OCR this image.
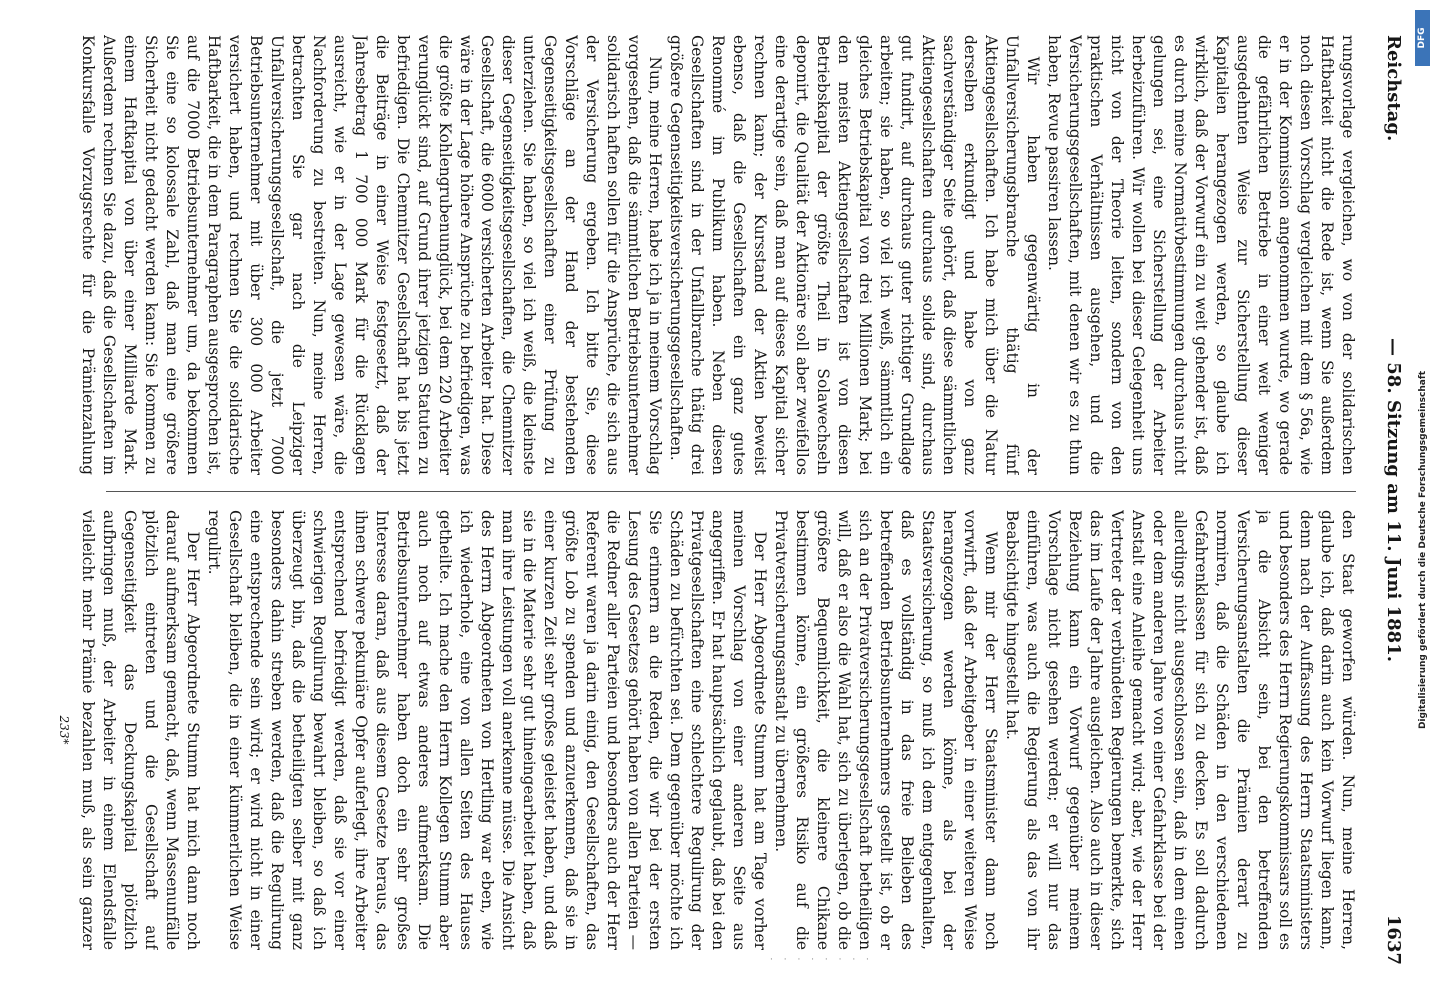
Reichstag.
— 58. Sitzung am 11. Juni 1881.
1637

rungsvorlage vergleichen, wo von der solidarischen Haftbarkeit nicht die Rede ist, wenn Sie außerdem noch diesen Vorschlag vergleichen mit dem § 56a, wie er in der Kommission angenommen wurde, wo gerade die gefährlichen Betriebe in einer weit weniger ausgedehnten Weise zur Sicherstellung dieser Kapitalien herangezogen werden, so glaube ich wirklich, daß der Vorwurf ein zu weit gehender ist, daß es durch meine Normativbestimmungen durchaus nicht gelungen sei, eine Sicherstellung der Arbeiter herbeizuführen. Wir wollen bei dieser Gelegenheit uns nicht von der Theorie leiten, sondern von den praktischen Verhältnissen ausgehen, und die Versicherungsgesellschaften, mit denen wir es zu thun haben, Revue passiren lassen.

Wir haben gegenwärtig in der Unfallversicherungsbranche thätig fünf Aktiengesellschaften. Ich habe mich über die Natur derselben erkundigt und habe von ganz sachverständiger Seite gehört, daß diese sämmtlichen Aktiengesellschaften durchaus solide sind, durchaus gut fundirt, auf durchaus guter richtiger Grundlage arbeiten; sie haben, so viel ich weiß, sämmtlich ein gleiches Betriebskapital von drei Millionen Mark; bei den meisten Aktiengesellschaften ist von diesen Betriebskapital der größte Theil in Solawechseln deponirt, die Qualität der Aktionäre soll aber zweifellos eine derartige sein, daß man auf dieses Kapital sicher rechnen kann; der Kursstand der Aktien beweist ebenso, daß die Gesellschaften ein ganz gutes Renommé im Publikum haben. Neben diesen Gesellschaften sind in der Unfallbranche thätig drei größere Gegenseitigkeitsversicherungsgesellschaften.

Nun, meine Herren, habe ich ja in meinem Vorschlag vorgesehen, daß die sämmtlichen Betriebsunternehmer solidarisch haften sollen für die Ansprüche, die sich aus der Versicherung ergeben. Ich bitte Sie, diese Vorschläge an der Hand der bestehenden Gegenseitigkeitsgesellschaften einer Prüfung zu unterziehen. Sie haben, so viel ich weiß, die kleinste dieser Gegenseitigkeitsgesellschaften, die Chemnitzer Gesellschaft, die 6000 versicherten Arbeiter hat. Diese wäre in der Lage höhere Ansprüche zu befriedigen, was die größte Kohlengrubenunglück, bei dem 220 Arbeiter verunglückt sind, auf Grund ihrer jetzigen Statuten zu befriedigen. Die Chemnitzer Gesellschaft hat bis jetzt die Beiträge in einer Weise festgesetzt, daß der Jahresbetrag 1 700 000 Mark für die Rücklagen ausreicht, wie er in der Lage gewesen wäre, die Nachforderung zu bestreiten. Nun, meine Herren, betrachten Sie gar nach die Leipziger Unfallversicherungsgesellschaft, die jetzt 7000 Betriebsunternehmer mit über 300 000 Arbeiter versichert haben, und rechnen Sie die solidarische Haftbarkeit, die in dem Paragraphen ausgesprochen ist, auf die 7000 Betriebsunternehmer um, da bekommen Sie eine so kolossale Zahl, daß man eine größere Sicherheit nicht gedacht werden kann: Sie kommen zu einem Haftkapital von über einer Milliarde Mark. Außerdem rechnen Sie dazu, daß die Gesellschaften im Konkursfalle Vorzugsrechte für die Prämienzahlung

den Staat geworfen würden. Nun, meine Herren, glaube ich, daß darin auch kein Vorwurf liegen kann, denn nach der Auffassung des Herrn Staatsministers und besonders des Herrn Regierungskommissars soll es ja die Absicht sein, bei den betreffenden Versicherungsanstalten die Prämien derart zu normiren, daß die Schäden in den verschiedenen Gefahrenklassen für sich zu decken. Es soll dadurch allerdings nicht ausgeschlossen sein, daß in dem einen oder dem anderen Jahre von einer Gefahrklasse bei der Anstalt eine Anleihe gemacht wird; aber, wie der Herr Vertreter der verbündeten Regierungen bemerkte, sich das im Laufe der Jahre ausgleichen. Also auch in dieser Beziehung kann ein Vorwurf gegenüber meinem Vorschlage nicht gesehen werden; er will nur das einführen, was auch die Regierung als das von ihr Beabsichtigte hingestellt hat.

Wenn mir der Herr Staatsminister dann noch vorwirft, daß der Arbeitgeber in einer weiteren Weise herangezogen werden könne, als bei der Staatsversicherung, so muß ich dem entgegenhalten, daß es vollständig in das freie Belieben des betreffenden Betriebsunternehmers gestellt ist, ob er sich an der Privatversicherungsgesellschaft betheiligen will, daß er also die Wahl hat, sich zu überlegen, ob die größere Bequemlichkeit, die kleinere Chikane bestimmen könne, ein größeres Risiko auf die Privatversicherungsanstalt zu übernehmen.

Der Herr Abgeordnete Stumm hat am Tage vorher meinen Vorschlag von einer anderen Seite aus angegriffen. Er hat hauptsächlich geglaubt, daß bei den Privatgesellschaften eine schlechtere Regulirung der Schäden zu befürchten sei. Dem gegenüber möchte ich Sie erinnern an die Reden, die wir bei der ersten Lesung des Gesetzes gehört haben von allen Parteien — die Redner aller Parteien und besonders auch der Herr Referent waren ja darin einig, den Gesellschaften, das größte Lob zu spenden und anzuerkennen, daß sie in einer kurzen Zeit sehr großes geleistet haben, und daß sie in die Materie sehr gut hineingearbeitet haben, daß man ihre Leistungen voll anerkenne müsse. Die Ansicht des Herrn Abgeordneten von Hertling war eben, wie ich wiederhole, eine von allen Seiten des Hauses getheilte. Ich mache den Herrn Kollegen Stumm aber auch noch auf etwas anderes aufmerksam. Die Betriebsunternehmer haben doch ein sehr großes Interesse daran, daß aus diesem Gesetze heraus, das ihnen schwere pekuniäre Opfer auferlegt, ihre Arbeiter entsprechend befriedigt werden, daß sie vor einer schwierigen Regulirung bewahrt bleiben, so daß ich überzeugt bin, daß die betheiligten selber mit ganz besonders dahin streben werden, daß die Regulirung eine entsprechende sein wird; er wird nicht in einer Gesellschaft bleiben, die in einer kümmerlichen Weise regulirt.

Der Herr Abgeordnete Stumm hat mich dann noch darauf aufmerksam gemacht, daß, wenn Massenunfälle plötzlich eintreten und die Gesellschaft auf Gegenseitigkeit das Deckungskapital plötzlich aufbringen muß, der Arbeiter in einem Elendsfalle vielleicht mehr Prämie bezahlen muß, als sein ganzer

233*
· · · · · · · ·
DFG
Digitalisierung gefördert durch die Deutsche Forschungsgemeinschaft
